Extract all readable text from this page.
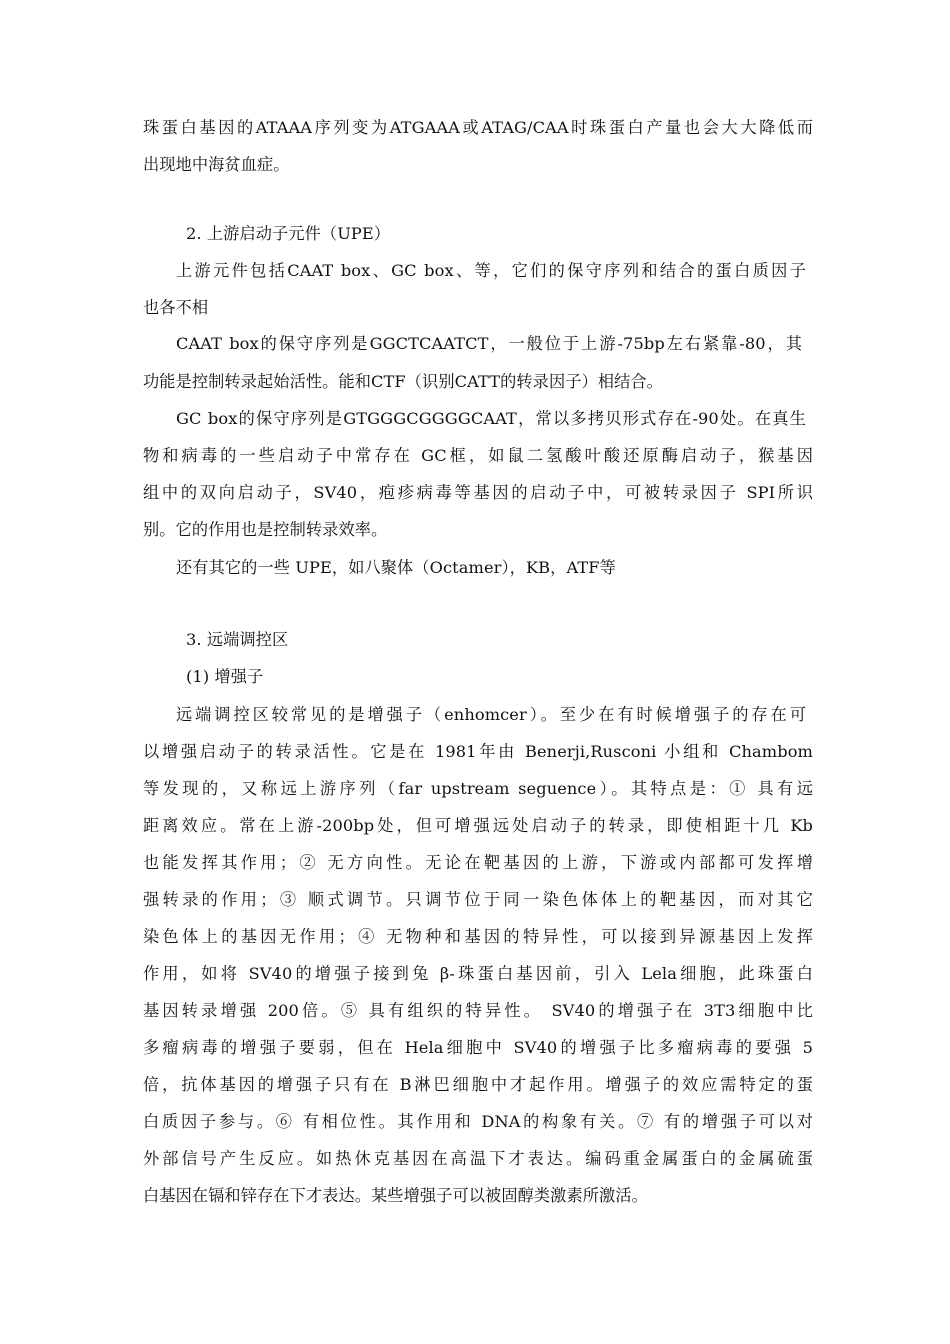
珠蛋白基因的ATAAA序列变为ATGAAA或ATAG/CAA时珠蛋白产量也会大大降低而
出现地中海贫血症。
2. 上游启动子元件（UPE）
上游元件包括CAAT box、GC box、等，它们的保守序列和结合的蛋白质因子
也各不相
CAAT box的保守序列是GGCTCAATCT，一般位于上游-75bp左右紧靠-80，其
功能是控制转录起始活性。能和CTF（识别CATT的转录因子）相结合。
GC box的保守序列是GTGGGCGGGGCAAT，常以多拷贝形式存在-90处。在真生
物和病毒的一些启动子中常存在 GC框，如鼠二氢酸叶酸还原酶启动子，猴基因
组中的双向启动子，SV40，疱疹病毒等基因的启动子中，可被转录因子 SPI所识
别。它的作用也是控制转录效率。
还有其它的一些 UPE，如八聚体（Octamer），KB，ATF等
3. 远端调控区
(1) 增强子
远端调控区较常见的是增强子（enhomcer）。至少在有时候增强子的存在可
以增强启动子的转录活性。它是在 1981年由 Benerji,Rusconi 小组和 Chambom
等发现的，又称远上游序列（far upstream seguence）。其特点是：① 具有远
距离效应。常在上游-200bp处，但可增强远处启动子的转录，即使相距十几 Kb
也能发挥其作用；② 无方向性。无论在靶基因的上游，下游或内部都可发挥增
强转录的作用；③ 顺式调节。只调节位于同一染色体体上的靶基因，而对其它
染色体上的基因无作用；④ 无物种和基因的特异性，可以接到异源基因上发挥
作用，如将 SV40的增强子接到兔 β-珠蛋白基因前，引入 Lela细胞，此珠蛋白
基因转录增强 200倍。⑤ 具有组织的特异性。 SV40的增强子在 3T3细胞中比
多瘤病毒的增强子要弱，但在 Hela细胞中 SV40的增强子比多瘤病毒的要强 5
倍，抗体基因的增强子只有在 B淋巴细胞中才起作用。增强子的效应需特定的蛋
白质因子参与。⑥ 有相位性。其作用和 DNA的构象有关。⑦ 有的增强子可以对
外部信号产生反应。如热休克基因在高温下才表达。编码重金属蛋白的金属硫蛋
白基因在镉和锌存在下才表达。某些增强子可以被固醇类激素所激活。
